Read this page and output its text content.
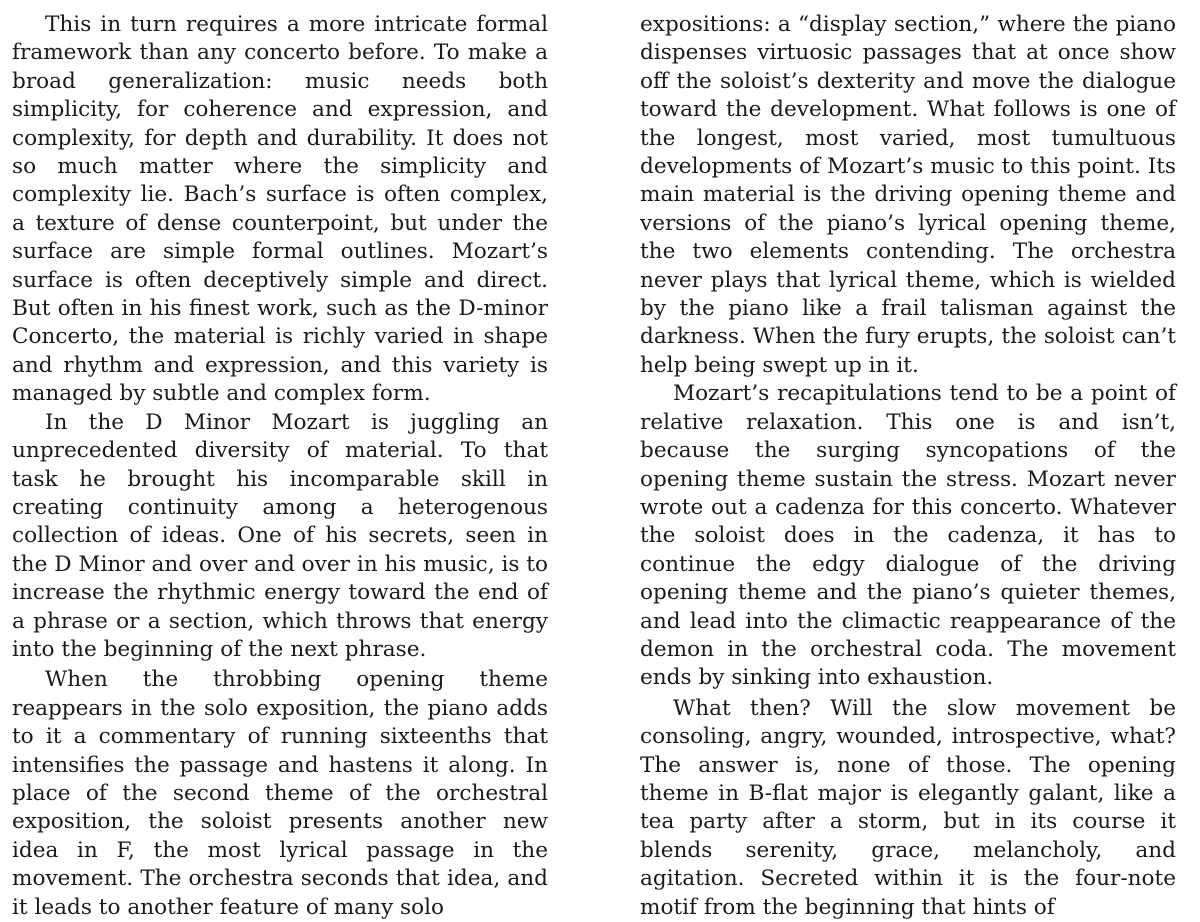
This in turn requires a more intricate formal framework than any concerto before. To make a broad generalization: music needs both simplicity, for coherence and expression, and complexity, for depth and durability. It does not so much matter where the simplicity and complexity lie. Bach’s surface is often complex, a texture of dense counterpoint, but under the surface are simple formal outlines. Mozart’s surface is often deceptively simple and direct. But often in his finest work, such as the D-minor Concerto, the material is richly varied in shape and rhythm and expression, and this variety is managed by subtle and complex form.

In the D Minor Mozart is juggling an unprecedented diversity of material. To that task he brought his incomparable skill in creating continuity among a heterogenous collection of ideas. One of his secrets, seen in the D Minor and over and over in his music, is to increase the rhythmic energy toward the end of a phrase or a section, which throws that energy into the beginning of the next phrase.

When the throbbing opening theme reappears in the solo exposition, the piano adds to it a commentary of running sixteenths that intensifies the passage and hastens it along. In place of the second theme of the orchestral exposition, the soloist presents another new idea in F, the most lyrical passage in the movement. The orchestra seconds that idea, and it leads to another feature of many solo

expositions: a “display section,” where the piano dispenses virtuosic passages that at once show off the soloist’s dexterity and move the dialogue toward the development. What follows is one of the longest, most varied, most tumultuous developments of Mozart’s music to this point. Its main material is the driving opening theme and versions of the piano’s lyrical opening theme, the two elements contending. The orchestra never plays that lyrical theme, which is wielded by the piano like a frail talisman against the darkness. When the fury erupts, the soloist can’t help being swept up in it.

Mozart’s recapitulations tend to be a point of relative relaxation. This one is and isn’t, because the surging syncopations of the opening theme sustain the stress. Mozart never wrote out a cadenza for this concerto. Whatever the soloist does in the cadenza, it has to continue the edgy dialogue of the driving opening theme and the piano’s quieter themes, and lead into the climactic reappearance of the demon in the orchestral coda. The movement ends by sinking into exhaustion.

What then? Will the slow movement be consoling, angry, wounded, introspective, what? The answer is, none of those. The opening theme in B-flat major is elegantly galant, like a tea party after a storm, but in its course it blends serenity, grace, melancholy, and agitation. Secreted within it is the four-note motif from the beginning that hints of
